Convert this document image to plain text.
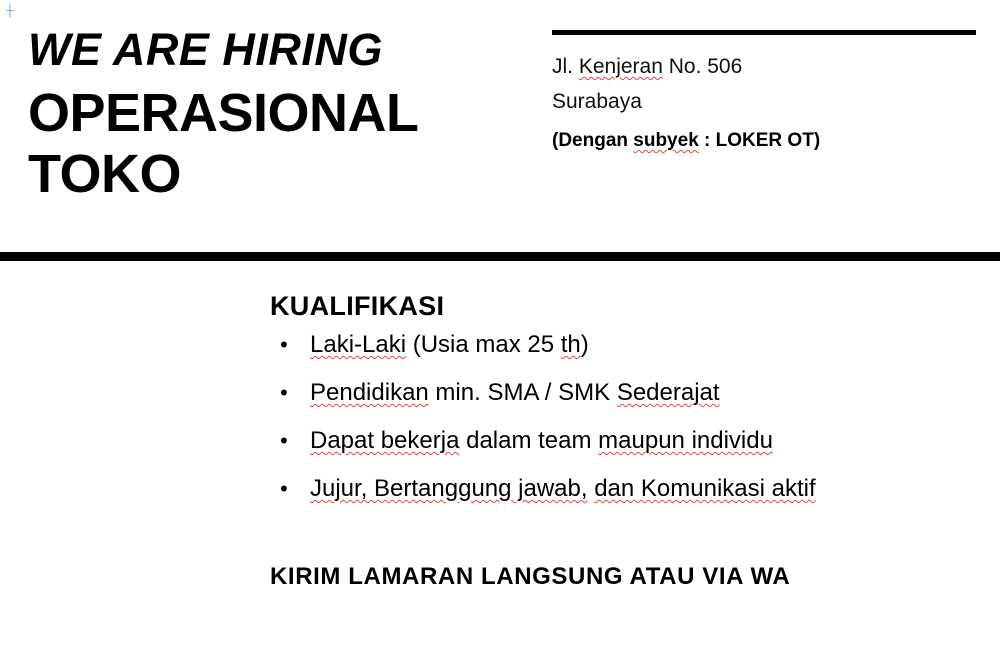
┼
WE ARE HIRING
OPERASIONAL
TOKO
Jl. Kenjeran No. 506
Surabaya
(Dengan subyek : LOKER OT)
KUALIFIKASI
• Laki-Laki (Usia max 25 th)
• Pendidikan min. SMA / SMK Sederajat
• Dapat bekerja dalam team maupun individu
• Jujur, Bertanggung jawab, dan Komunikasi aktif
KIRIM LAMARAN LANGSUNG ATAU VIA WA
